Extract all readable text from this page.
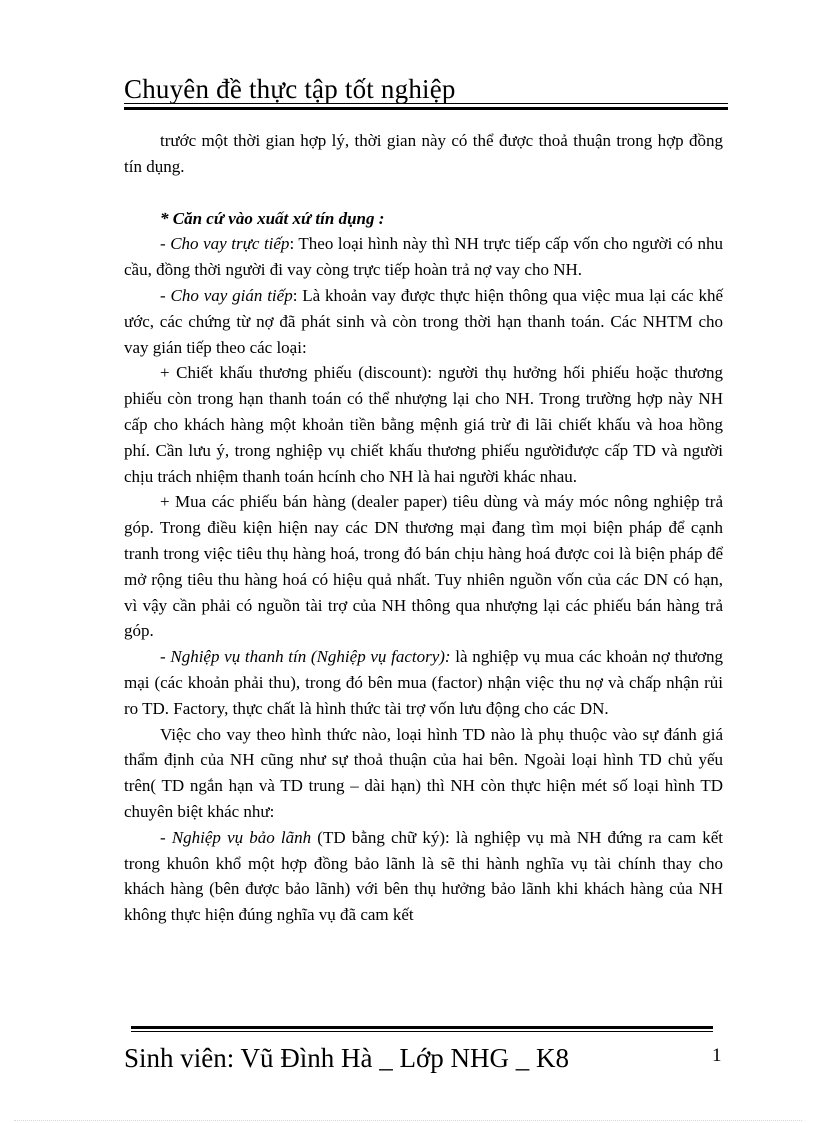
Chuyên đề thực tập tốt nghiệp

trước một thời gian hợp lý, thời gian này có thể được thoả thuận trong hợp đồng tín dụng.

* Căn cứ vào xuất xứ tín dụng :

- Cho vay trực tiếp: Theo loại hình này thì NH trực tiếp cấp vốn cho người có nhu cầu, đồng thời người đi vay còng trực tiếp hoàn trả nợ vay cho NH.

- Cho vay gián tiếp: Là khoản vay được thực hiện thông qua việc mua lại các khế ước, các chứng từ nợ đã phát sinh và còn trong thời hạn thanh toán. Các NHTM cho vay gián tiếp theo các loại:

+ Chiết khấu thương phiếu (discount): người thụ hưởng hối phiếu hoặc thương phiếu còn trong hạn thanh toán có thể nhượng lại cho NH. Trong trường hợp này NH cấp cho khách hàng một khoản tiền bằng mệnh giá trừ đi lãi chiết khấu và hoa hồng phí. Cần lưu ý, trong nghiệp vụ chiết khấu thương phiếu ngườiđược cấp TD và người chịu trách nhiệm thanh toán hcính cho NH là hai người khác nhau.

+ Mua các phiếu bán hàng (dealer paper) tiêu dùng và máy móc nông nghiệp trả góp. Trong điều kiện hiện nay các DN thương mại đang tìm mọi biện pháp để cạnh tranh trong việc tiêu thụ hàng hoá, trong đó bán chịu hàng hoá được coi là biện pháp để mở rộng tiêu thu hàng hoá có hiệu quả nhất. Tuy nhiên nguồn vốn của các DN có hạn, vì vậy cần phải có nguồn tài trợ của NH thông qua nhượng lại các phiếu bán hàng trả góp.

- Nghiệp vụ thanh tín (Nghiệp vụ factory): là nghiệp vụ mua các khoản nợ thương mại (các khoản phải thu), trong đó bên mua (factor) nhận việc thu nợ và chấp nhận rủi ro TD. Factory, thực chất là hình thức tài trợ vốn lưu động cho các DN.

Việc cho vay theo hình thức nào, loại hình TD nào là phụ thuộc vào sự đánh giá thẩm định của NH cũng như sự thoả thuận của hai bên. Ngoài loại hình TD chủ yếu trên( TD ngắn hạn và TD trung – dài hạn) thì NH còn thực hiện mét số loại hình TD chuyên biệt khác như:

- Nghiệp vụ bảo lãnh (TD bằng chữ ký): là nghiệp vụ mà NH đứng ra cam kết trong khuôn khổ một hợp đồng bảo lãnh là sẽ thi hành nghĩa vụ tài chính thay cho khách hàng (bên được bảo lãnh) với bên thụ hưởng bảo lãnh khi khách hàng của NH không thực hiện đúng nghĩa vụ đã cam kết

Sinh viên: Vũ Đình Hà _ Lớp NHG _ K8	1
